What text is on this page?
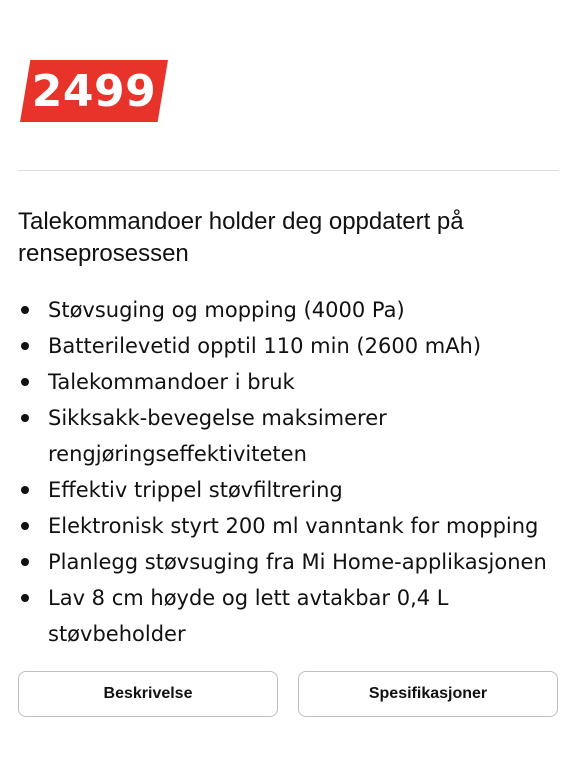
2499
Talekommandoer holder deg oppdatert på renseprosessen
Støvsuging og mopping (4000 Pa)
Batterilevetid opptil 110 min (2600 mAh)
Talekommandoer i bruk
Sikksakk-bevegelse maksimerer rengjøringseffektiviteten
Effektiv trippel støvfiltrering
Elektronisk styrt 200 ml vanntank for mopping
Planlegg støvsuging fra Mi Home-applikasjonen
Lav 8 cm høyde og lett avtakbar 0,4 L støvbeholder
Beskrivelse	Spesifikasjoner
